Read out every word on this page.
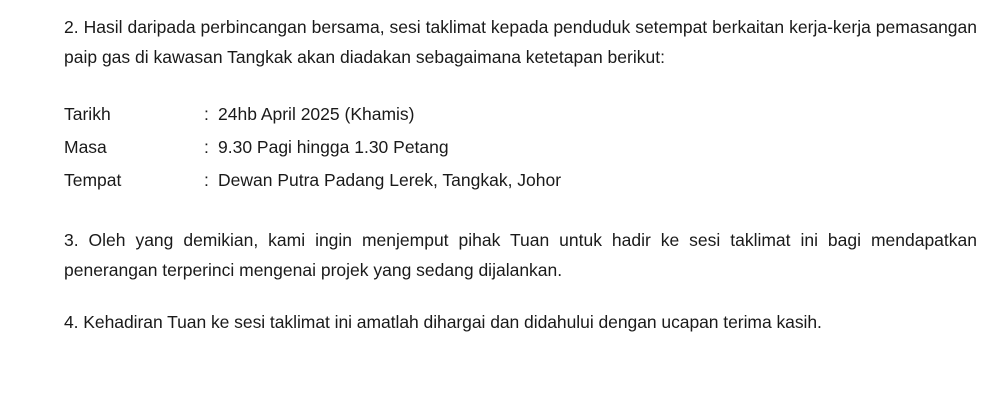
2. Hasil daripada perbincangan bersama, sesi taklimat kepada penduduk setempat berkaitan kerja-kerja pemasangan paip gas di kawasan Tangkak akan diadakan sebagaimana ketetapan berikut:

Tarikh	: 24hb April 2025 (Khamis)
Masa	: 9.30 Pagi hingga 1.30 Petang
Tempat	: Dewan Putra Padang Lerek, Tangkak, Johor

3. Oleh yang demikian, kami ingin menjemput pihak Tuan untuk hadir ke sesi taklimat ini bagi mendapatkan penerangan terperinci mengenai projek yang sedang dijalankan.

4. Kehadiran Tuan ke sesi taklimat ini amatlah dihargai dan didahului dengan ucapan terima kasih.
